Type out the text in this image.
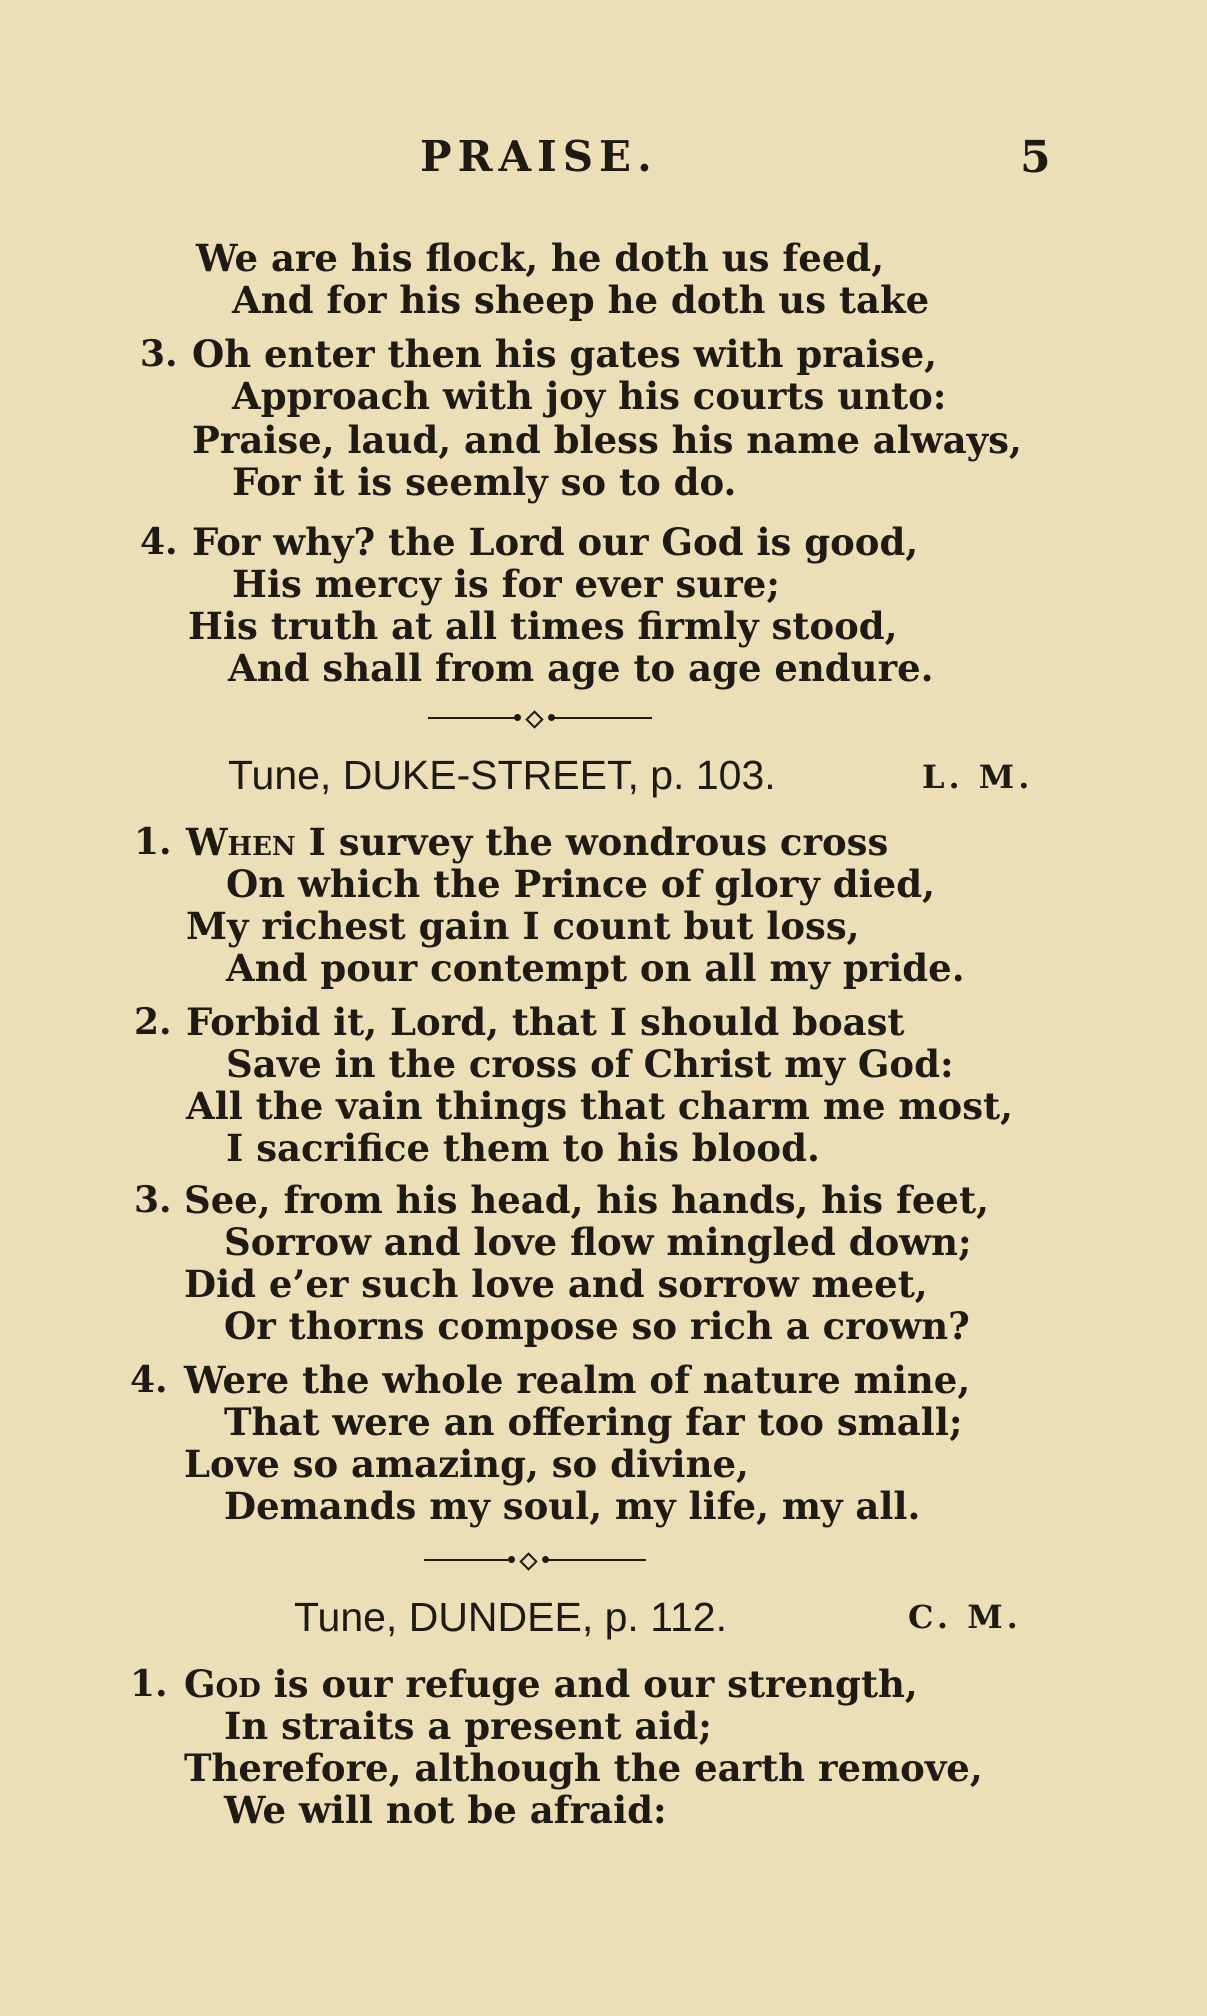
PRAISE.	5
We are his flock, he doth us feed,
And for his sheep he doth us take
3. Oh enter then his gates with praise,
Approach with joy his courts unto:
Praise, laud, and bless his name always,
For it is seemly so to do.
4. For why? the Lord our God is good,
His mercy is for ever sure;
His truth at all times firmly stood,
And shall from age to age endure.
Tune, DUKE-STREET, p. 103.	L. M.
1. When I survey the wondrous cross
On which the Prince of glory died,
My richest gain I count but loss,
And pour contempt on all my pride.
2. Forbid it, Lord, that I should boast
Save in the cross of Christ my God:
All the vain things that charm me most,
I sacrifice them to his blood.
3. See, from his head, his hands, his feet,
Sorrow and love flow mingled down;
Did e’er such love and sorrow meet,
Or thorns compose so rich a crown?
4. Were the whole realm of nature mine,
That were an offering far too small;
Love so amazing, so divine,
Demands my soul, my life, my all.
Tune, DUNDEE, p. 112.	C. M.
1. God is our refuge and our strength,
In straits a present aid;
Therefore, although the earth remove,
We will not be afraid:
